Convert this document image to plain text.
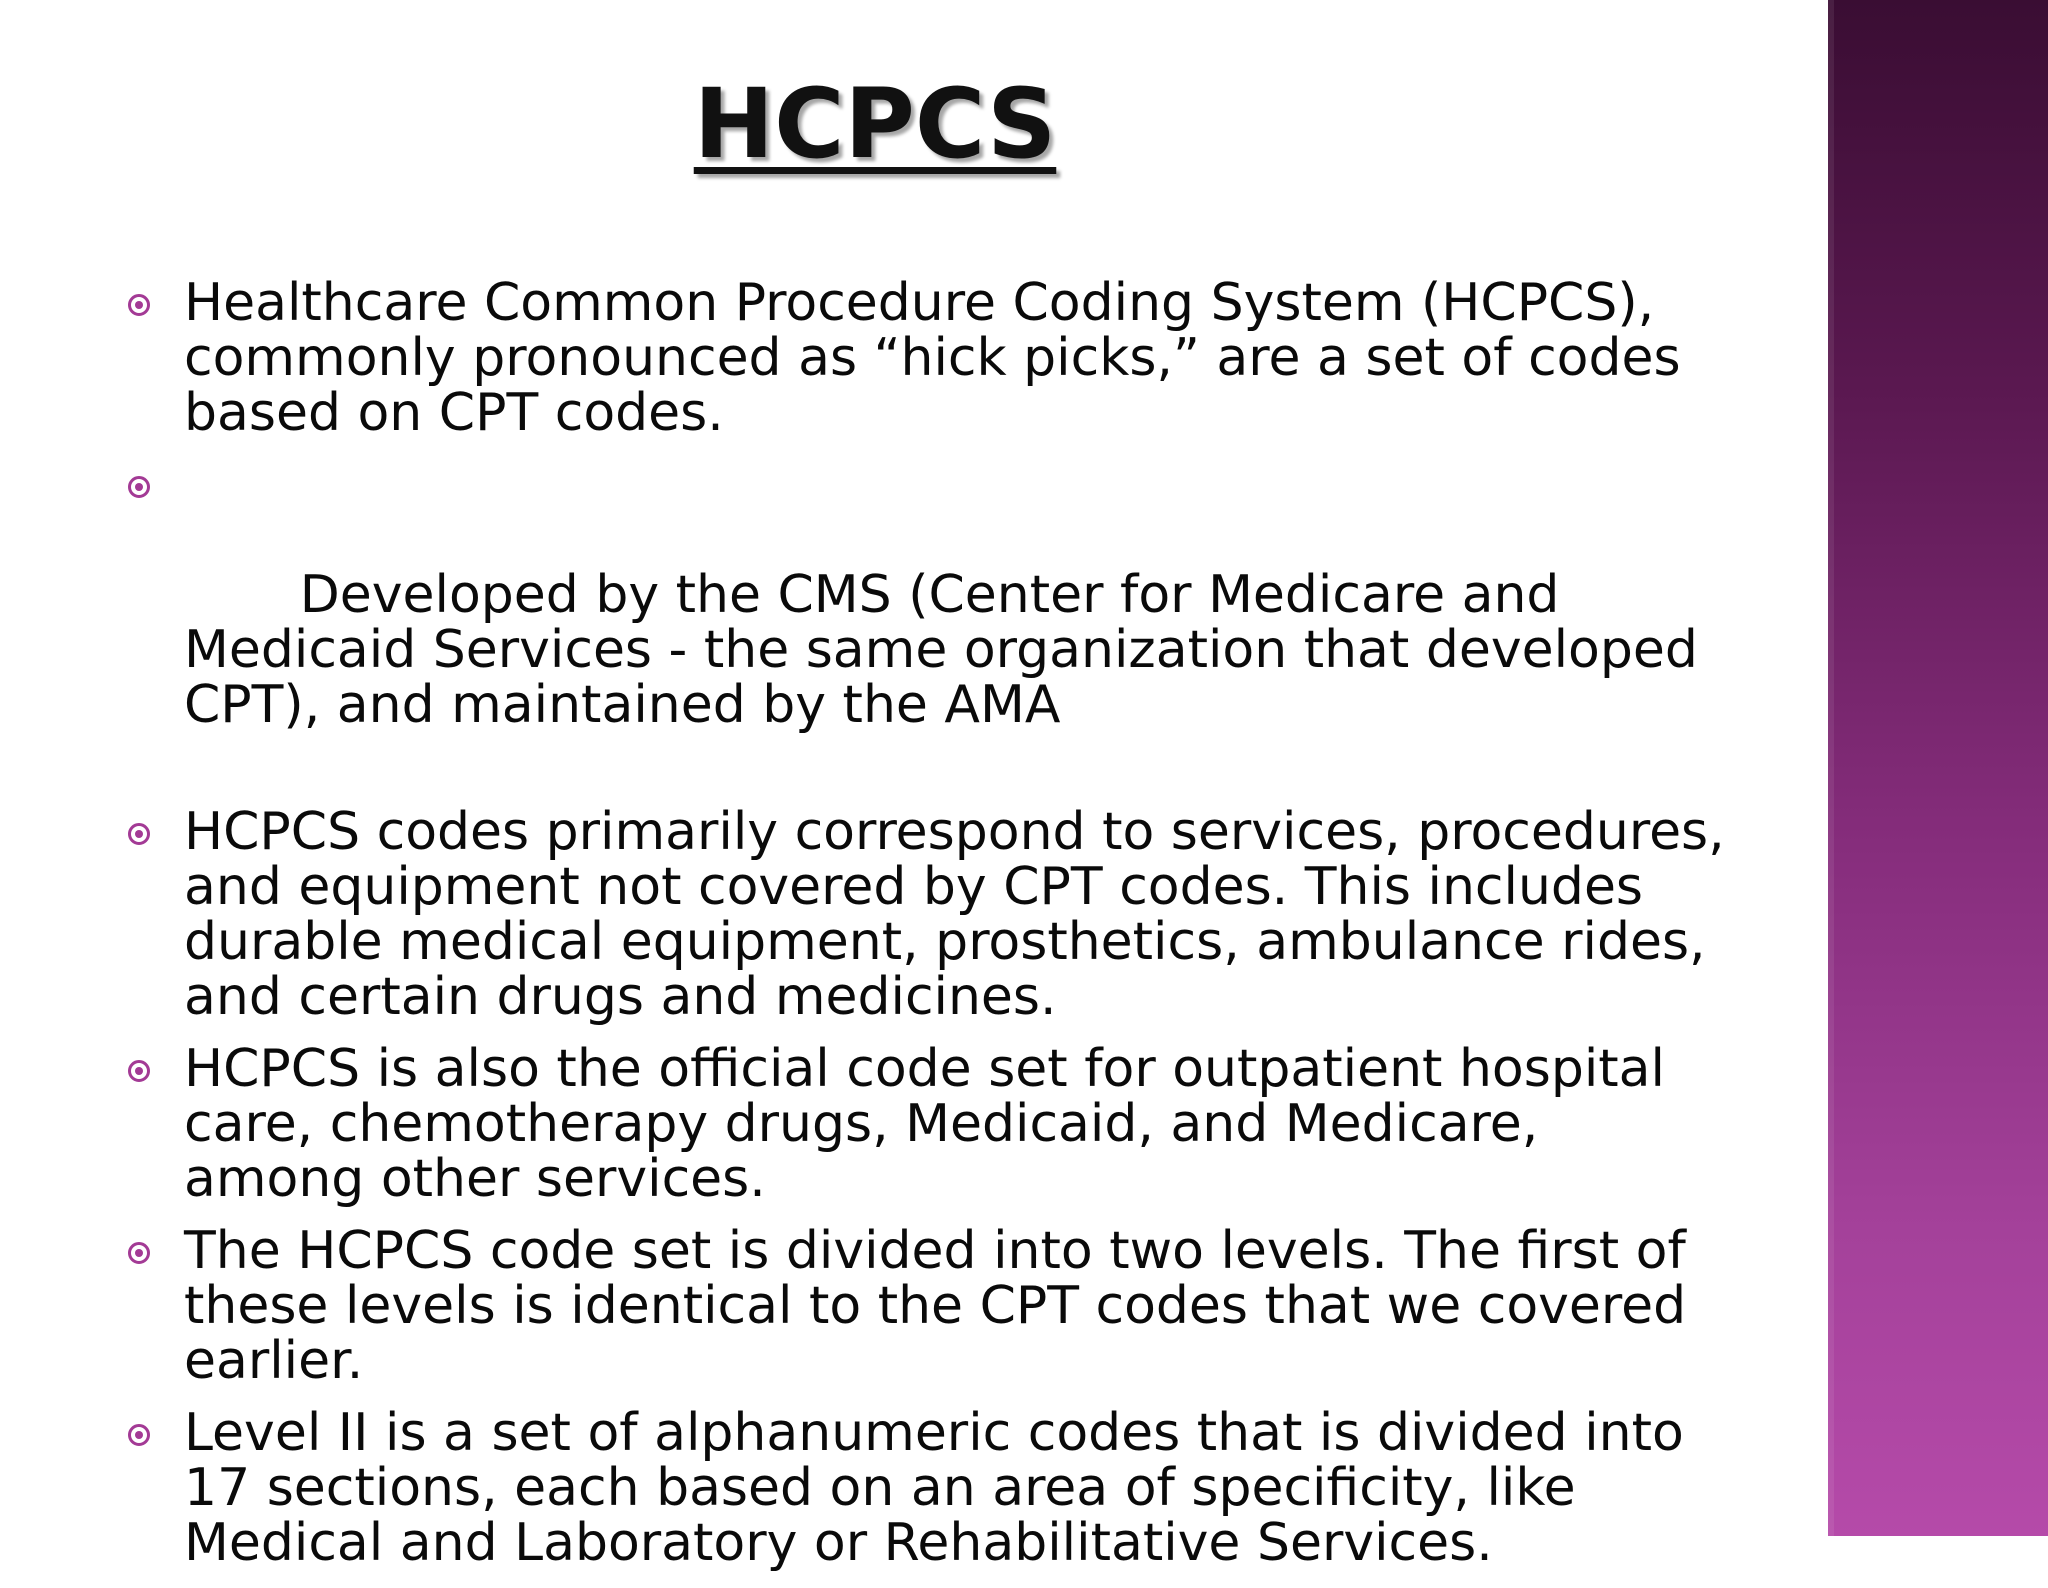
HCPCS
Healthcare Common Procedure Coding System (HCPCS), commonly pronounced as “hick picks,” are a set of codes based on CPT codes.

Developed by the CMS (Center for Medicare and Medicaid Services - the same organization that developed CPT), and maintained by the AMA

HCPCS codes primarily correspond to services, procedures, and equipment not covered by CPT codes. This includes durable medical equipment, prosthetics, ambulance rides, and certain drugs and medicines.
HCPCS is also the official code set for outpatient hospital care, chemotherapy drugs, Medicaid, and Medicare, among other services.
The HCPCS code set is divided into two levels. The first of these levels is identical to the CPT codes that we covered earlier.
Level II is a set of alphanumeric codes that is divided into 17 sections, each based on an area of specificity, like Medical and Laboratory or Rehabilitative Services.
